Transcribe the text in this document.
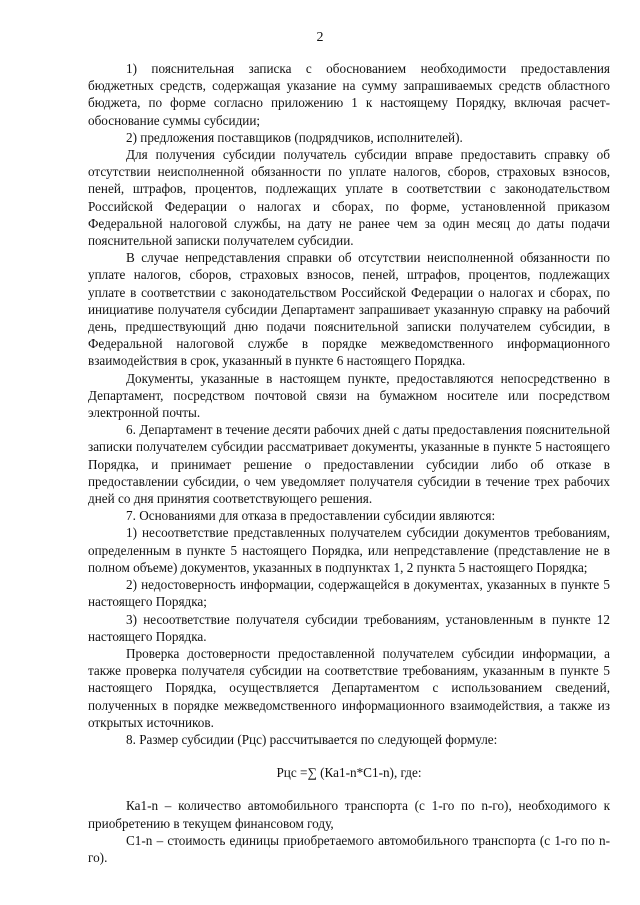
2

1) пояснительная записка с обоснованием необходимости предоставления бюджетных средств, содержащая указание на сумму запрашиваемых средств областного бюджета, по форме согласно приложению 1 к настоящему Порядку, включая расчет-обоснование суммы субсидии;

2) предложения поставщиков (подрядчиков, исполнителей).

Для получения субсидии получатель субсидии вправе предоставить справку об отсутствии неисполненной обязанности по уплате налогов, сборов, страховых взносов, пеней, штрафов, процентов, подлежащих уплате в соответствии с законодательством Российской Федерации о налогах и сборах, по форме, установленной приказом Федеральной налоговой службы, на дату не ранее чем за один месяц до даты подачи пояснительной записки получателем субсидии.

В случае непредставления справки об отсутствии неисполненной обязанности по уплате налогов, сборов, страховых взносов, пеней, штрафов, процентов, подлежащих уплате в соответствии с законодательством Российской Федерации о налогах и сборах, по инициативе получателя субсидии Департамент запрашивает указанную справку на рабочий день, предшествующий дню подачи пояснительной записки получателем субсидии, в Федеральной налоговой службе в порядке межведомственного информационного взаимодействия в срок, указанный в пункте 6 настоящего Порядка.

Документы, указанные в настоящем пункте, предоставляются непосредственно в Департамент, посредством почтовой связи на бумажном носителе или посредством электронной почты.

6. Департамент в течение десяти рабочих дней с даты предоставления пояснительной записки получателем субсидии рассматривает документы, указанные в пункте 5 настоящего Порядка, и принимает решение о предоставлении субсидии либо об отказе в предоставлении субсидии, о чем уведомляет получателя субсидии в течение трех рабочих дней со дня принятия соответствующего решения.

7. Основаниями для отказа в предоставлении субсидии являются:

1) несоответствие представленных получателем субсидии документов требованиям, определенным в пункте 5 настоящего Порядка, или непредставление (представление не в полном объеме) документов, указанных в подпунктах 1, 2 пункта 5 настоящего Порядка;

2) недостоверность информации, содержащейся в документах, указанных в пункте 5 настоящего Порядка;

3) несоответствие получателя субсидии требованиям, установленным в пункте 12 настоящего Порядка.

Проверка достоверности предоставленной получателем субсидии информации, а также проверка получателя субсидии на соответствие требованиям, указанным в пункте 5 настоящего Порядка, осуществляется Департаментом с использованием сведений, полученных в порядке межведомственного информационного взаимодействия, а также из открытых источников.

8. Размер субсидии (Рцс) рассчитывается по следующей формуле:

Рцс =∑ (Ка1-n*С1-n), где:

Ка1-n – количество автомобильного транспорта (с 1-го по n-го), необходимого к приобретению в текущем финансовом году,

С1-n – стоимость единицы приобретаемого автомобильного транспорта (с 1-го по n-го).
